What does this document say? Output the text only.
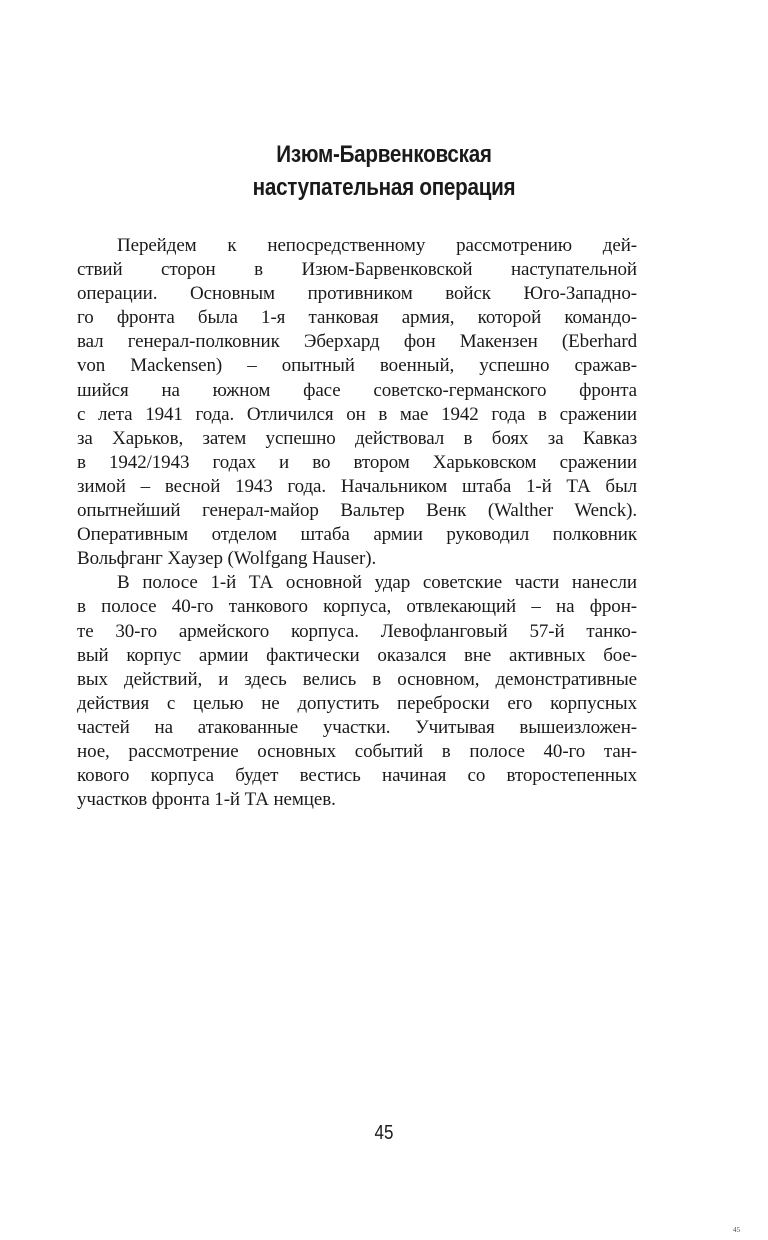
Изюм-Барвенковская
наступательная операция
Перейдем к непосредственному рассмотрению дей-
ствий сторон в Изюм-Барвенковской наступательной
операции. Основным противником войск Юго-Западно-
го фронта была 1-я танковая армия, которой командо-
вал генерал-полковник Эберхард фон Макензен (Eberhard
von Mackensen) – опытный военный, успешно сражав-
шийся на южном фасе советско-германского фронта
с лета 1941 года. Отличился он в мае 1942 года в сражении
за Харьков, затем успешно действовал в боях за Кавказ
в 1942/1943 годах и во втором Харьковском сражении
зимой – весной 1943 года. Начальником штаба 1-й ТА был
опытнейший генерал-майор Вальтер Венк (Walther Wenck).
Оперативным отделом штаба армии руководил полковник
Вольфганг Хаузер (Wolfgang Hauser).
В полосе 1-й ТА основной удар советские части нанесли
в полосе 40-го танкового корпуса, отвлекающий – на фрон-
те 30-го армейского корпуса. Левофланговый 57-й танко-
вый корпус армии фактически оказался вне активных бое-
вых действий, и здесь велись в основном, демонстративные
действия с целью не допустить переброски его корпусных
частей на атакованные участки. Учитывая вышеизложен-
ное, рассмотрение основных событий в полосе 40-го тан-
кового корпуса будет вестись начиная со второстепенных
участков фронта 1-й ТА немцев.
45
45
